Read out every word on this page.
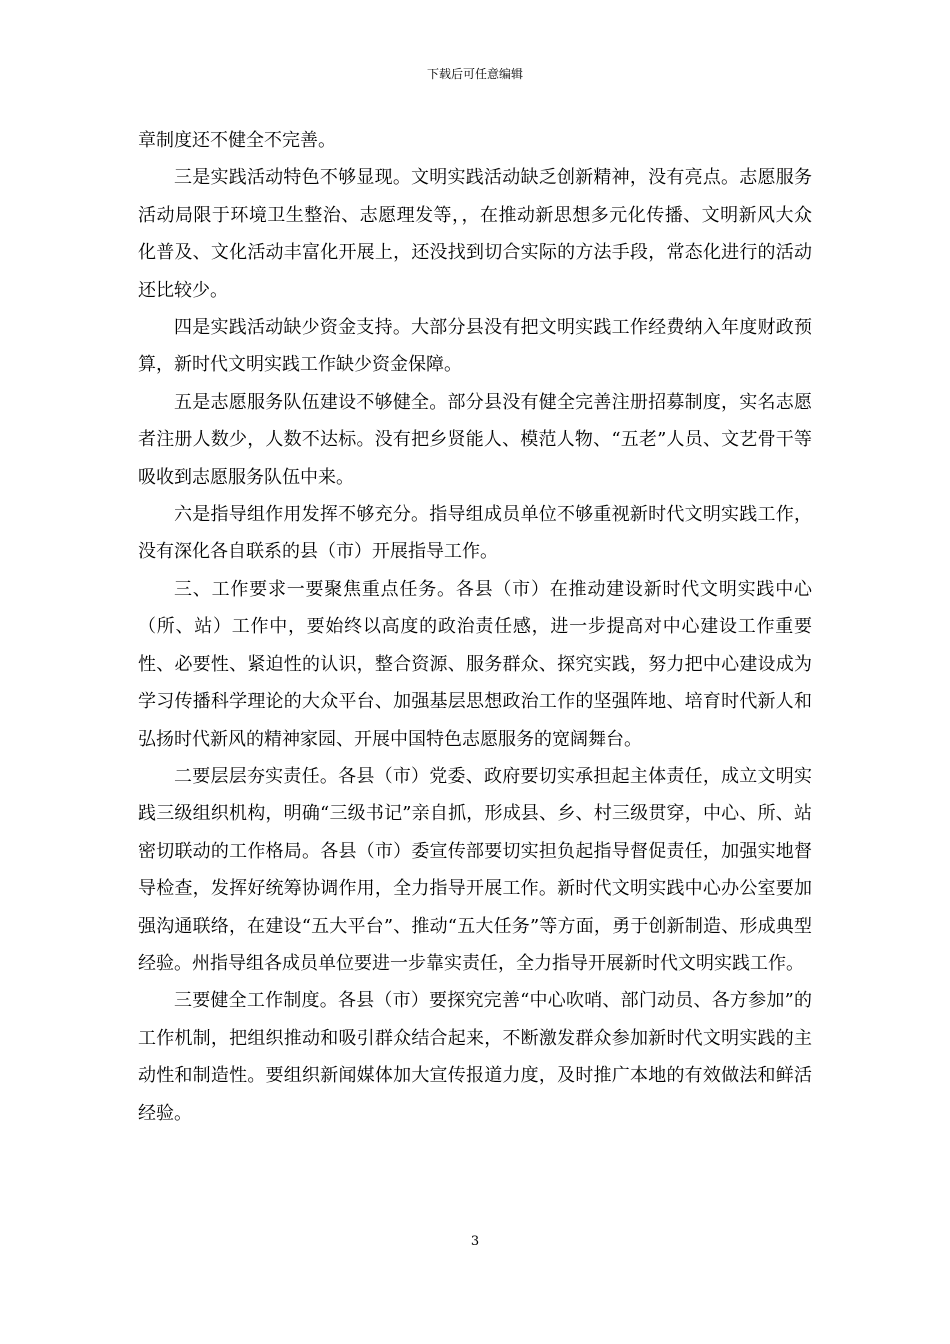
下载后可任意编辑

章制度还不健全不完善。

三是实践活动特色不够显现。文明实践活动缺乏创新精神，没有亮点。志愿服务活动局限于环境卫生整治、志愿理发等，，在推动新思想多元化传播、文明新风大众化普及、文化活动丰富化开展上，还没找到切合实际的方法手段，常态化进行的活动还比较少。

四是实践活动缺少资金支持。大部分县没有把文明实践工作经费纳入年度财政预算，新时代文明实践工作缺少资金保障。

五是志愿服务队伍建设不够健全。部分县没有健全完善注册招募制度，实名志愿者注册人数少，人数不达标。没有把乡贤能人、模范人物、“五老”人员、文艺骨干等吸收到志愿服务队伍中来。

六是指导组作用发挥不够充分。指导组成员单位不够重视新时代文明实践工作，没有深化各自联系的县（市）开展指导工作。

三、工作要求一要聚焦重点任务。各县（市）在推动建设新时代文明实践中心（所、站）工作中，要始终以高度的政治责任感，进一步提高对中心建设工作重要性、必要性、紧迫性的认识，整合资源、服务群众、探究实践，努力把中心建设成为学习传播科学理论的大众平台、加强基层思想政治工作的坚强阵地、培育时代新人和弘扬时代新风的精神家园、开展中国特色志愿服务的宽阔舞台。

二要层层夯实责任。各县（市）党委、政府要切实承担起主体责任，成立文明实践三级组织机构，明确“三级书记”亲自抓，形成县、乡、村三级贯穿，中心、所、站密切联动的工作格局。各县（市）委宣传部要切实担负起指导督促责任，加强实地督导检查，发挥好统筹协调作用，全力指导开展工作。新时代文明实践中心办公室要加强沟通联络，在建设“五大平台”、推动“五大任务”等方面，勇于创新制造、形成典型经验。州指导组各成员单位要进一步靠实责任，全力指导开展新时代文明实践工作。

三要健全工作制度。各县（市）要探究完善“中心吹哨、部门动员、各方参加”的工作机制，把组织推动和吸引群众结合起来，不断激发群众参加新时代文明实践的主动性和制造性。要组织新闻媒体加大宣传报道力度，及时推广本地的有效做法和鲜活经验。

3
